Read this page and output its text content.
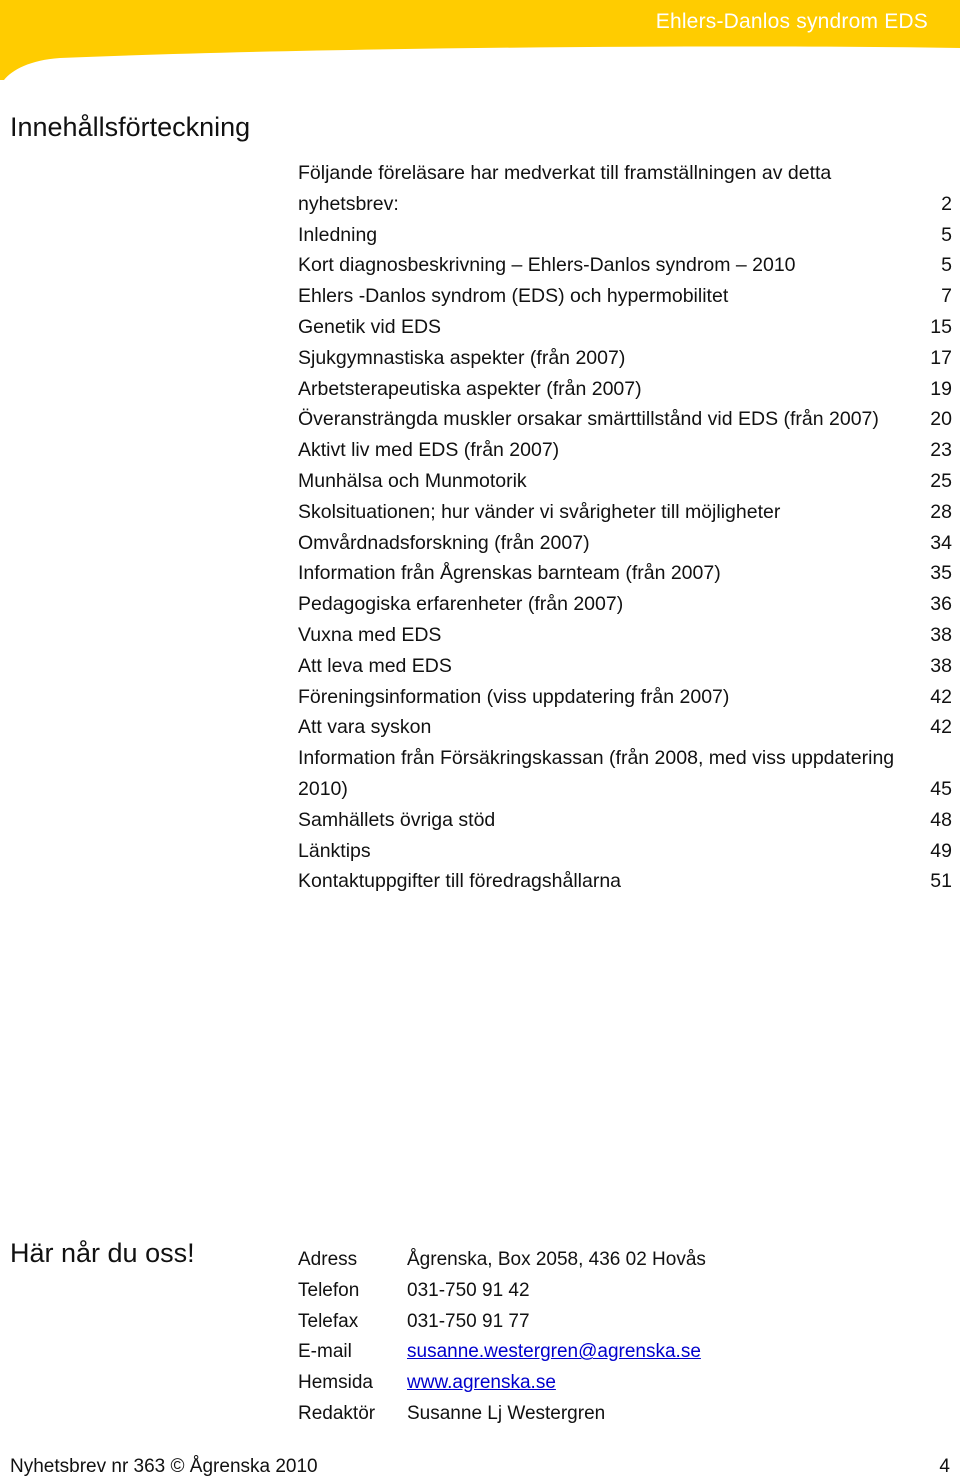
Ehlers-Danlos syndrom EDS
Innehållsförteckning
Följande föreläsare har medverkat till framställningen av detta
nyhetsbrev:	2
Inledning	5
Kort diagnosbeskrivning – Ehlers-Danlos syndrom – 2010	5
Ehlers -Danlos syndrom (EDS) och hypermobilitet	7
Genetik vid EDS	15
Sjukgymnastiska aspekter (från 2007)	17
Arbetsterapeutiska aspekter (från 2007)	19
Överansträngda muskler orsakar smärttillstånd vid EDS (från 2007)	20
Aktivt liv med EDS (från 2007)	23
Munhälsa och Munmotorik	25
Skolsituationen; hur vänder vi svårigheter till möjligheter	28
Omvårdnadsforskning (från 2007)	34
Information från Ågrenskas barnteam (från 2007)	35
Pedagogiska erfarenheter (från 2007)	36
Vuxna med EDS	38
Att leva med EDS	38
Föreningsinformation (viss uppdatering från 2007)	42
Att vara syskon	42
Information från Försäkringskassan (från 2008, med viss uppdatering
2010)	45
Samhällets övriga stöd	48
Länktips	49
Kontaktuppgifter till föredragshållarna	51
Här når du oss!	Adress	Ågrenska, Box 2058, 436 02 Hovås
Telefon	031-750 91 42
Telefax	031-750 91 77
E-mail	susanne.westergren@agrenska.se
Hemsida	www.agrenska.se
Redaktör	Susanne Lj Westergren
Nyhetsbrev nr 363 © Ågrenska 2010	4
